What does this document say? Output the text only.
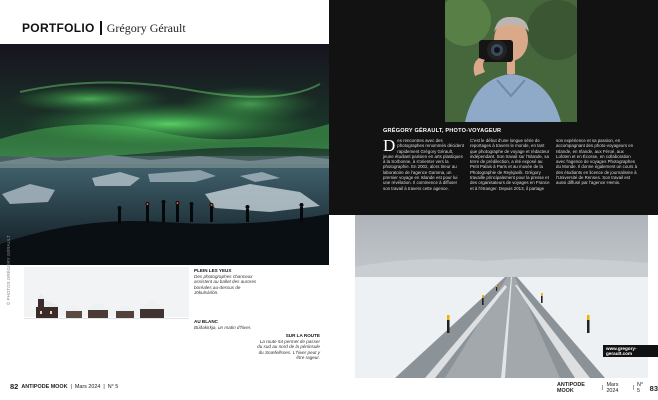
PORTFOLIO Grégory Gérault
© PHOTOS GRÉGORY GÉRAULT	PLEIN LES YEUX
Des photographes chanceux assistent au ballet des aurores boréales au-dessus de Jökulsárlón.
AU BLANC
Búðakirkja, un matin d'hiver.
SUR LA ROUTE
La route 54 permet de passer du sud au nord de la péninsule du Snæfellsnes. L'hiver peut y être rageur.
82 ANTIPODE MOOK | Mars 2024 | N° 5
GRÉGORY GÉRAULT, PHOTO-VOYAGEUR
D es rencontres avec des photographes renommés décident rapidement Grégory Gérault, jeune étudiant parisien en arts plastiques à la Sorbonne, à s'orienter vers la photographie. En 2002, alors tireur au laboratoire de l'agence Gamma, un premier voyage en Islande est pour lui une révélation. Il commence à diffuser son travail à travers cette agence.
C'est le début d'une longue série de reportages à travers le monde, en tant que photographe de voyage et rédacteur indépendant. Son travail sur l'Islande, sa terre de prédilection, a été exposé au Petit Palais à Paris et au musée de la Photographie de Reykjavík. Grégory travaille principalement pour la presse et des organisateurs de voyages en France et à l'étranger. Depuis 2013, il partage
son expérience et sa passion, en accompagnant des photo-voyageurs en Islande, en Irlande, aux Féroé, aux Lofoten et en Écosse, en collaboration avec l'agence de voyages Photographes du Monde. Il donne également un cours à des étudiants en licence de journalisme à l'Université de Rennes. Son travail est aussi diffusé par l'agence Hemis.
www.gregory-gerault.com
ANTIPODE MOOK	| Mars 2024	| N° 5	83
